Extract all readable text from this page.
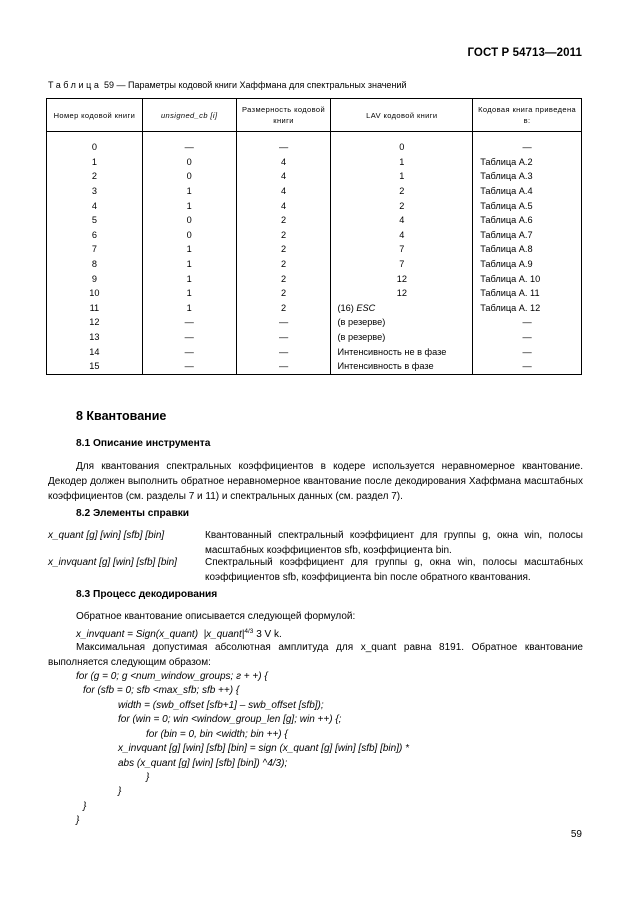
ГОСТ Р 54713—2011
Таблица 59 — Параметры кодовой книги Хаффмана для спектральных значений
Номер кодовой книги	unsigned_cb [i]	Размерность кодовой книги	LAV кодовой книги	Кодовая книга приведена в:

0	—	—	0	—
1	0	4	1	Таблица А.2
2	0	4	1	Таблица А.3
3	1	4	2	Таблица А.4
4	1	4	2	Таблица А.5
5	0	2	4	Таблица А.6
6	0	2	4	Таблица А.7
7	1	2	7	Таблица А.8
8	1	2	7	Таблица А.9
9	1	2	12	Таблица А. 10
10	1	2	12	Таблица А. 11
11	1	2	(16) ESC	Таблица А. 12
12	—	—	(в резерве)	—
13	—	—	(в резерве)	—
14	—	—	Интенсивность не в фазе	—
15	—	—	Интенсивность в фазе	—
8 Квантование
8.1 Описание инструмента
Для квантования спектральных коэффициентов в кодере используется неравномерное квантование. Декодер должен выполнить обратное неравномерное квантование после декодирования Хаффмана масштабных коэффициентов (см. разделы 7 и 11) и спектральных данных (см. раздел 7).
8.2 Элементы справки
x_quant [g] [win] [sfb] [bin]	Квантованный спектральный коэффициент для группы g, окна win, полосы масштабных коэффициентов sfb, коэффициента bin.
x_invquant [g] [win] [sfb] [bin]	Спектральный коэффициент для группы g, окна win, полосы масштабных коэффициентов sfb, коэффициента bin после обратного квантования.
8.3 Процесс декодирования
Обратное квантование описывается следующей формулой:
x_invquant = Sign(x_quant)  $|x\_quant|^{4/3}$ 3 V k.
Максимальная допустимая абсолютная амплитуда для x_quant равна 8191. Обратное квантование выполняется следующим образом:
for (g = 0; g <num_window_groups; г + +) {
for (sfb = 0; sfb <max_sfb; sfb ++) {
width = (swb_offset [sfb+1] – swb_offset [sfb]);
for (win = 0; win <window_group_len [g]; win ++) {;
for (bin = 0, bin <width; bin ++) {
x_invquant [g] [win] [sfb] [bin] = sign (x_quant [g] [win] [sfb] [bin]) *
abs (x_quant [g] [win] [sfb] [bin]) ^4/3);
}
}
}
}
59
